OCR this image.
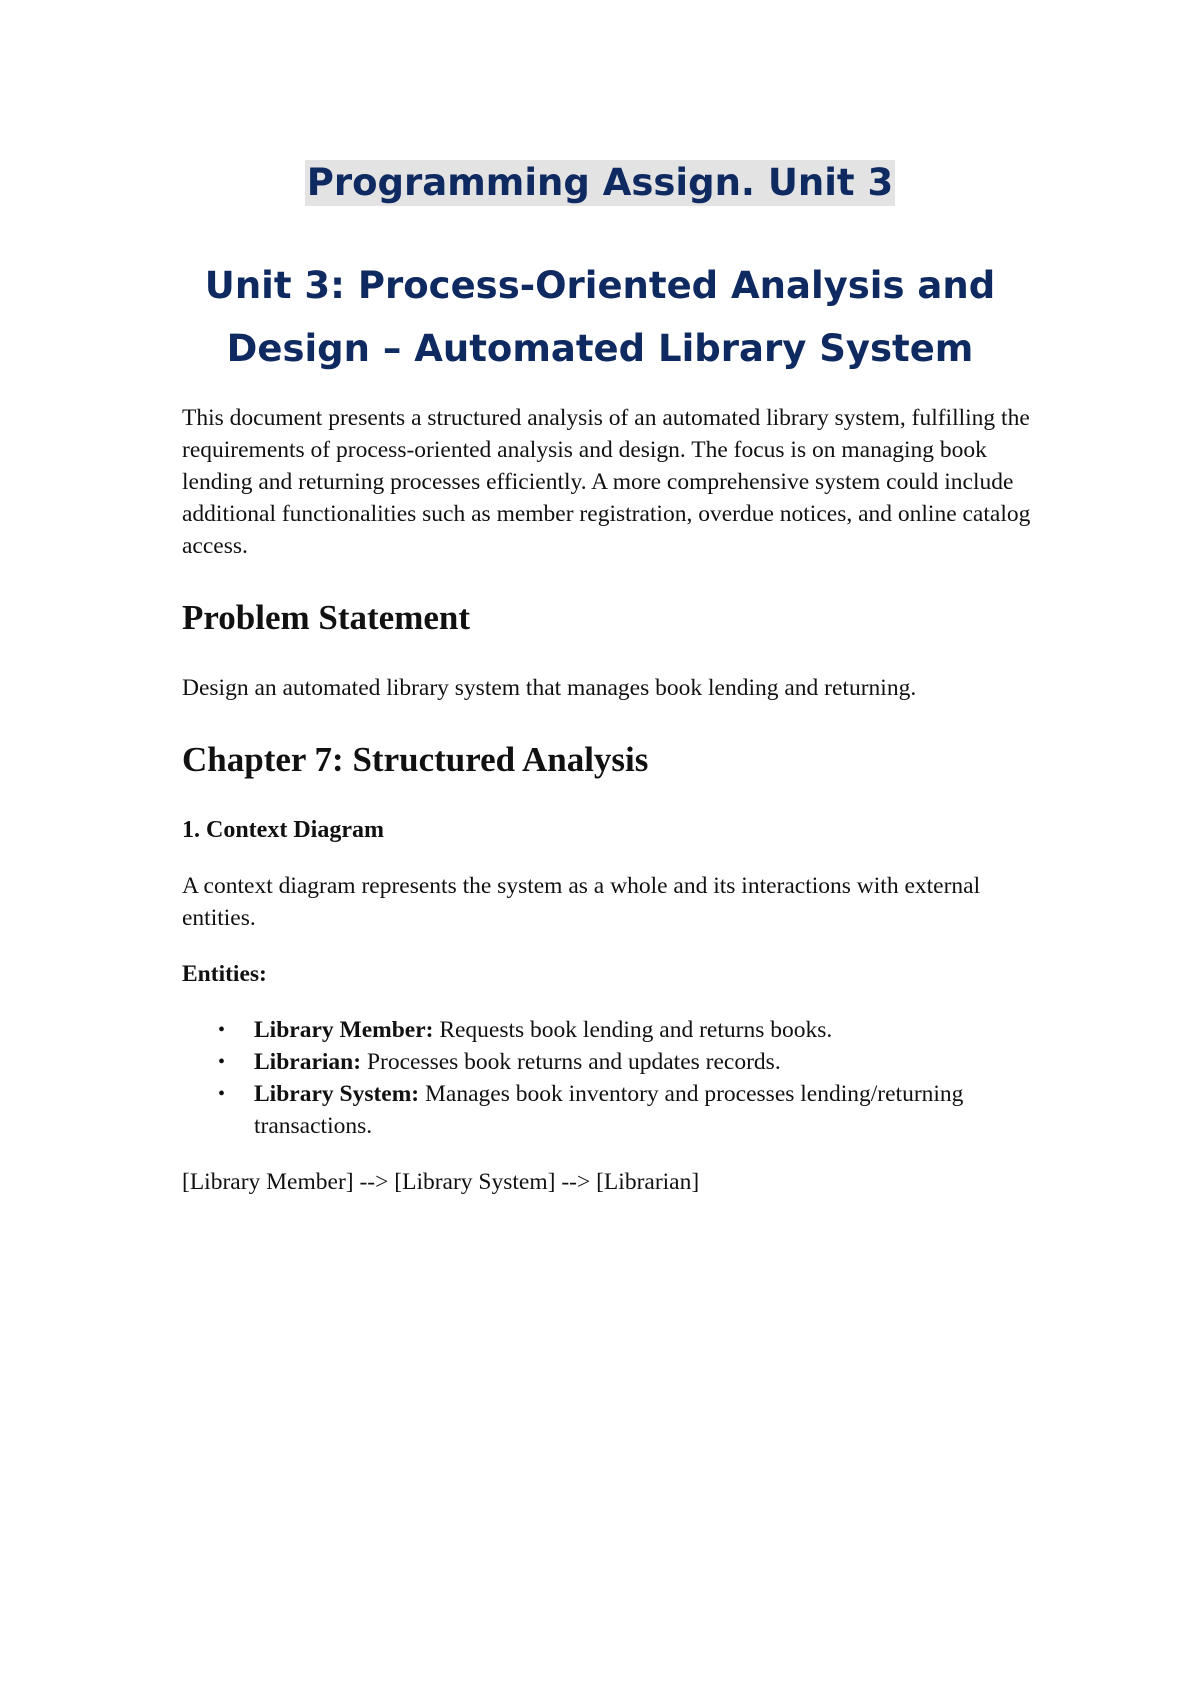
Programming Assign. Unit 3
Unit 3: Process-Oriented Analysis and Design – Automated Library System

This document presents a structured analysis of an automated library system, fulfilling the requirements of process-oriented analysis and design. The focus is on managing book lending and returning processes efficiently. A more comprehensive system could include additional functionalities such as member registration, overdue notices, and online catalog access.

Problem Statement

Design an automated library system that manages book lending and returning.

Chapter 7: Structured Analysis
1. Context Diagram

A context diagram represents the system as a whole and its interactions with external entities.

Entities:

• Library Member: Requests book lending and returns books.
• Librarian: Processes book returns and updates records.
• Library System: Manages book inventory and processes lending/returning transactions.

[Library Member] --> [Library System] --> [Librarian]
